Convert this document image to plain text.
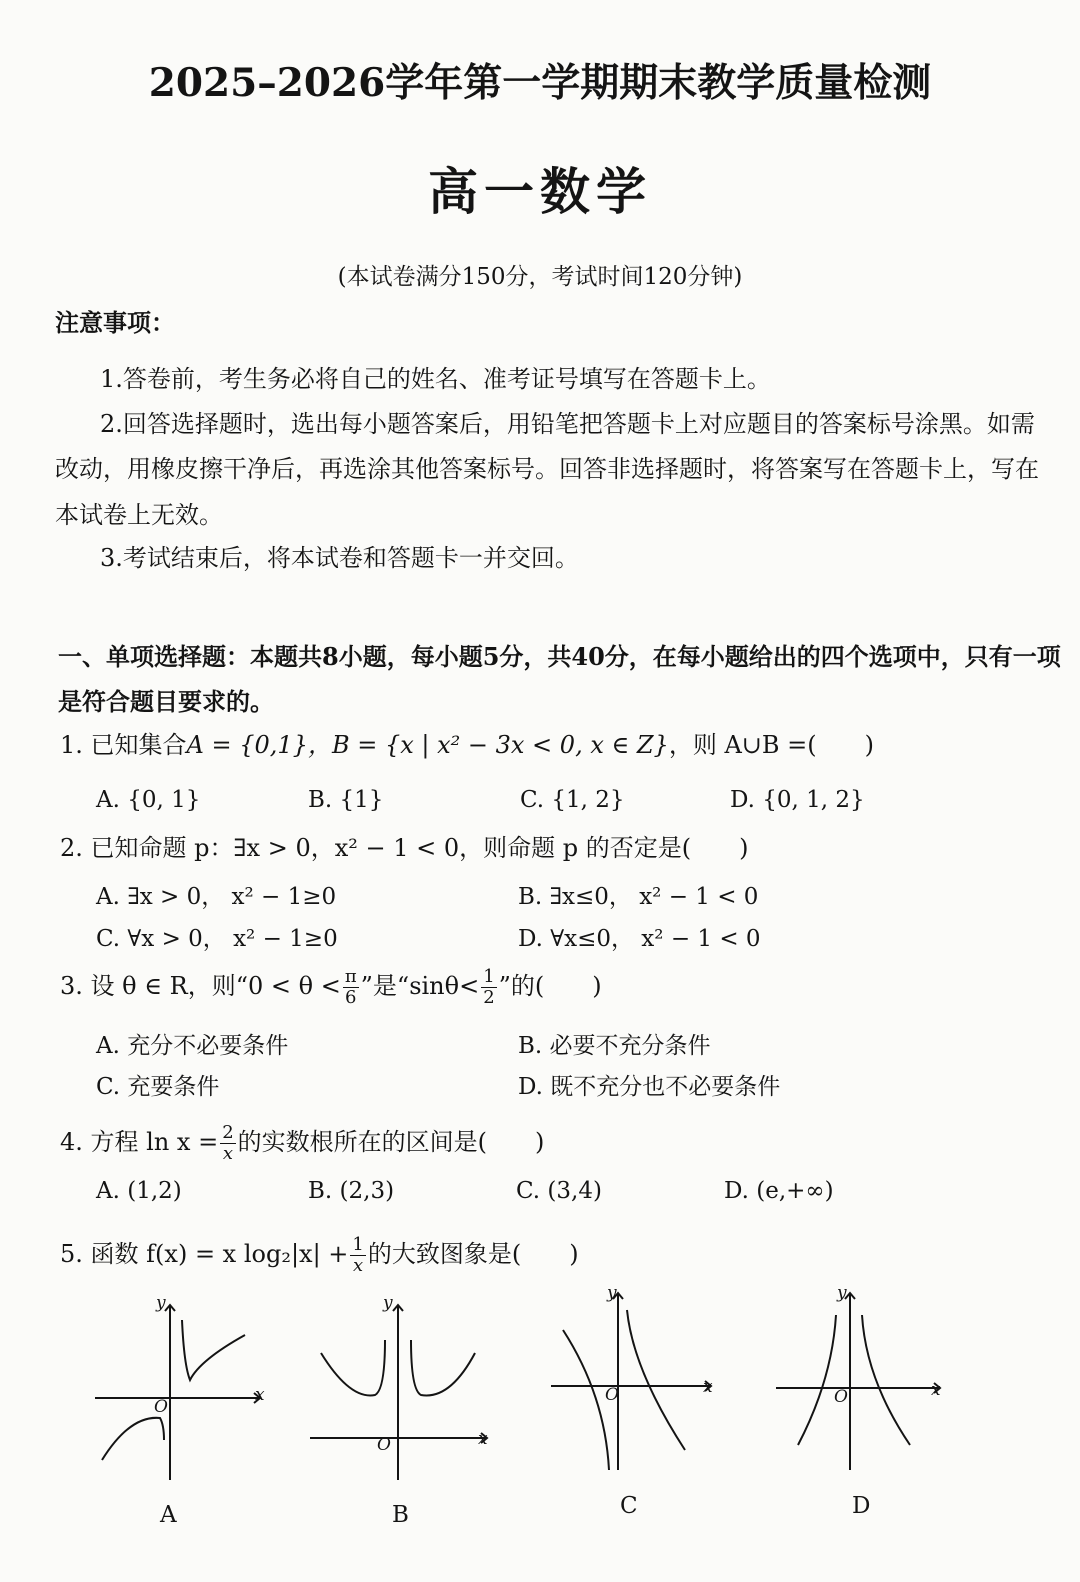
2025–2026学年第一学期期末教学质量检测
高一数学
(本试卷满分150分，考试时间120分钟)
注意事项：
1.答卷前，考生务必将自己的姓名、准考证号填写在答题卡上。
2.回答选择题时，选出每小题答案后，用铅笔把答题卡上对应题目的答案标号涂黑。如需
改动，用橡皮擦干净后，再选涂其他答案标号。回答非选择题时，将答案写在答题卡上，写在
本试卷上无效。
3.考试结束后，将本试卷和答题卡一并交回。
一、单项选择题：本题共8小题，每小题5分，共40分，在每小题给出的四个选项中，只有一项
是符合题目要求的。
1. 已知集合A = {0,1}，B = {x | x² − 3x < 0, x ∈ Z}，则 A∪B =(　　)
A. {0, 1}	B. {1}	C. {1, 2}	D. {0, 1, 2}
2. 已知命题 p：∃x > 0，x² − 1 < 0，则命题 p 的否定是(　　)
A. ∃x > 0， x² − 1≥0	B. ∃x≤0， x² − 1 < 0
C. ∀x > 0， x² − 1≥0	D. ∀x≤0， x² − 1 < 0
3. 设 θ ∈ R，则“$0 < \theta < \frac{\pi}{6}$ ”是“$\sin\theta< \frac{1}{2}$ ”的(　　)
A. 充分不必要条件	B. 必要不充分条件
C. 充要条件	D. 既不充分也不必要条件
4. 方程 $\ln x = \frac{2}{x}$ 的实数根所在的区间是(　　)
A. (1,2)	B. (2,3)	C. (3,4)	D. (e,+∞)
5. 函数 f(x) = x $\log_2|x| + \frac{1}{x}$ 的大致图象是(　　)
x
y
O
A
x
y
O
B
x
y
O
C
x
y
O
D
